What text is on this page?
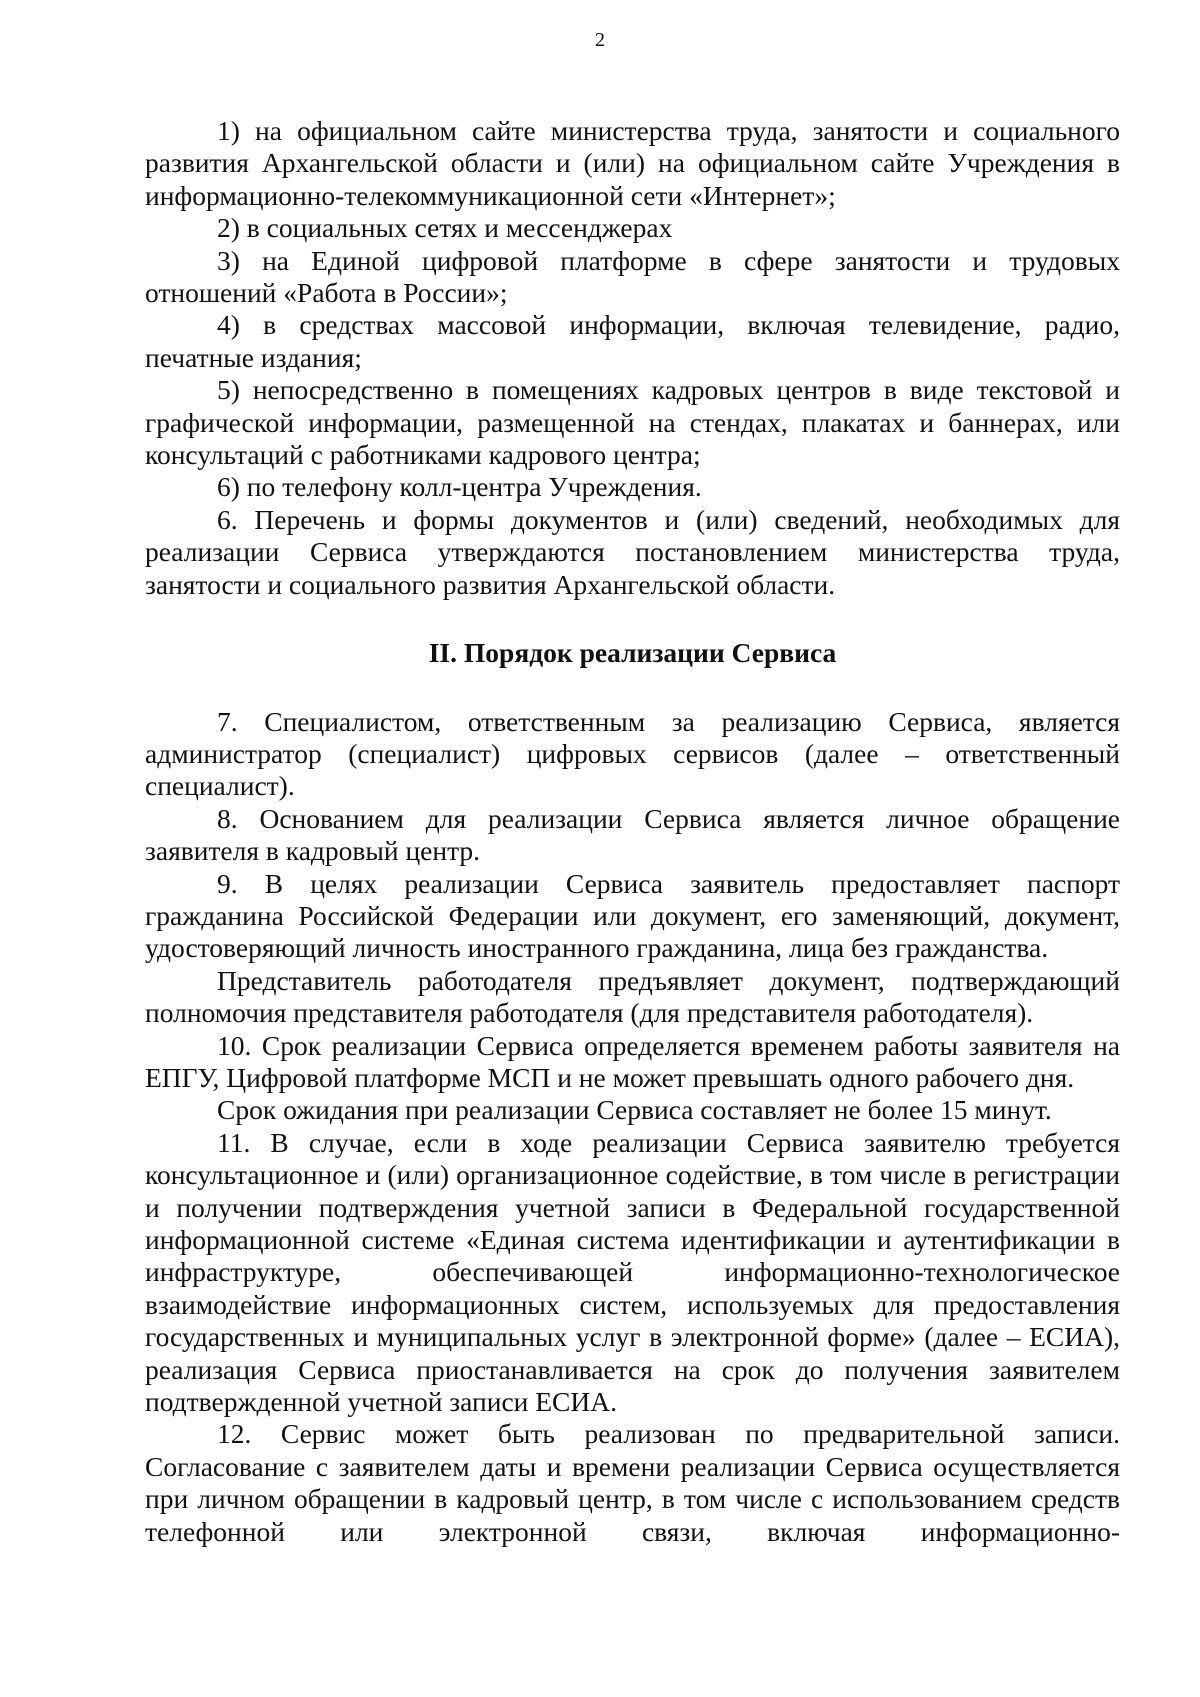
2

1) на официальном сайте министерства труда, занятости и социального развития Архангельской области и (или) на официальном сайте Учреждения в информационно-телекоммуникационной сети «Интернет»;

2) в социальных сетях и мессенджерах

3) на Единой цифровой платформе в сфере занятости и трудовых отношений «Работа в России»;

4) в средствах массовой информации, включая телевидение, радио, печатные издания;

5) непосредственно в помещениях кадровых центров в виде текстовой и графической информации, размещенной на стендах, плакатах и баннерах, или консультаций с работниками кадрового центра;

6) по телефону колл-центра Учреждения.

6. Перечень и формы документов и (или) сведений, необходимых для реализации Сервиса утверждаются постановлением министерства труда, занятости и социального развития Архангельской области.

II. Порядок реализации Сервиса

7. Специалистом, ответственным за реализацию Сервиса, является администратор (специалист) цифровых сервисов (далее – ответственный специалист).

8. Основанием для реализации Сервиса является личное обращение заявителя в кадровый центр.

9. В целях реализации Сервиса заявитель предоставляет паспорт гражданина Российской Федерации или документ, его заменяющий, документ, удостоверяющий личность иностранного гражданина, лица без гражданства.

Представитель работодателя предъявляет документ, подтверждающий полномочия представителя работодателя (для представителя работодателя).

10. Срок реализации Сервиса определяется временем работы заявителя на ЕПГУ, Цифровой платформе МСП и не может превышать одного рабочего дня.

Срок ожидания при реализации Сервиса составляет не более 15 минут.

11. В случае, если в ходе реализации Сервиса заявителю требуется консультационное и (или) организационное содействие, в том числе в регистрации и получении подтверждения учетной записи в Федеральной государственной информационной системе «Единая система идентификации и аутентификации в инфраструктуре, обеспечивающей информационно-технологическое взаимодействие информационных систем, используемых для предоставления государственных и муниципальных услуг в электронной форме» (далее – ЕСИА), реализация Сервиса приостанавливается на срок до получения заявителем подтвержденной учетной записи ЕСИА.

12. Сервис может быть реализован по предварительной записи. Согласование с заявителем даты и времени реализации Сервиса осуществляется при личном обращении в кадровый центр, в том числе с использованием средств телефонной или электронной связи, включая информационно-
